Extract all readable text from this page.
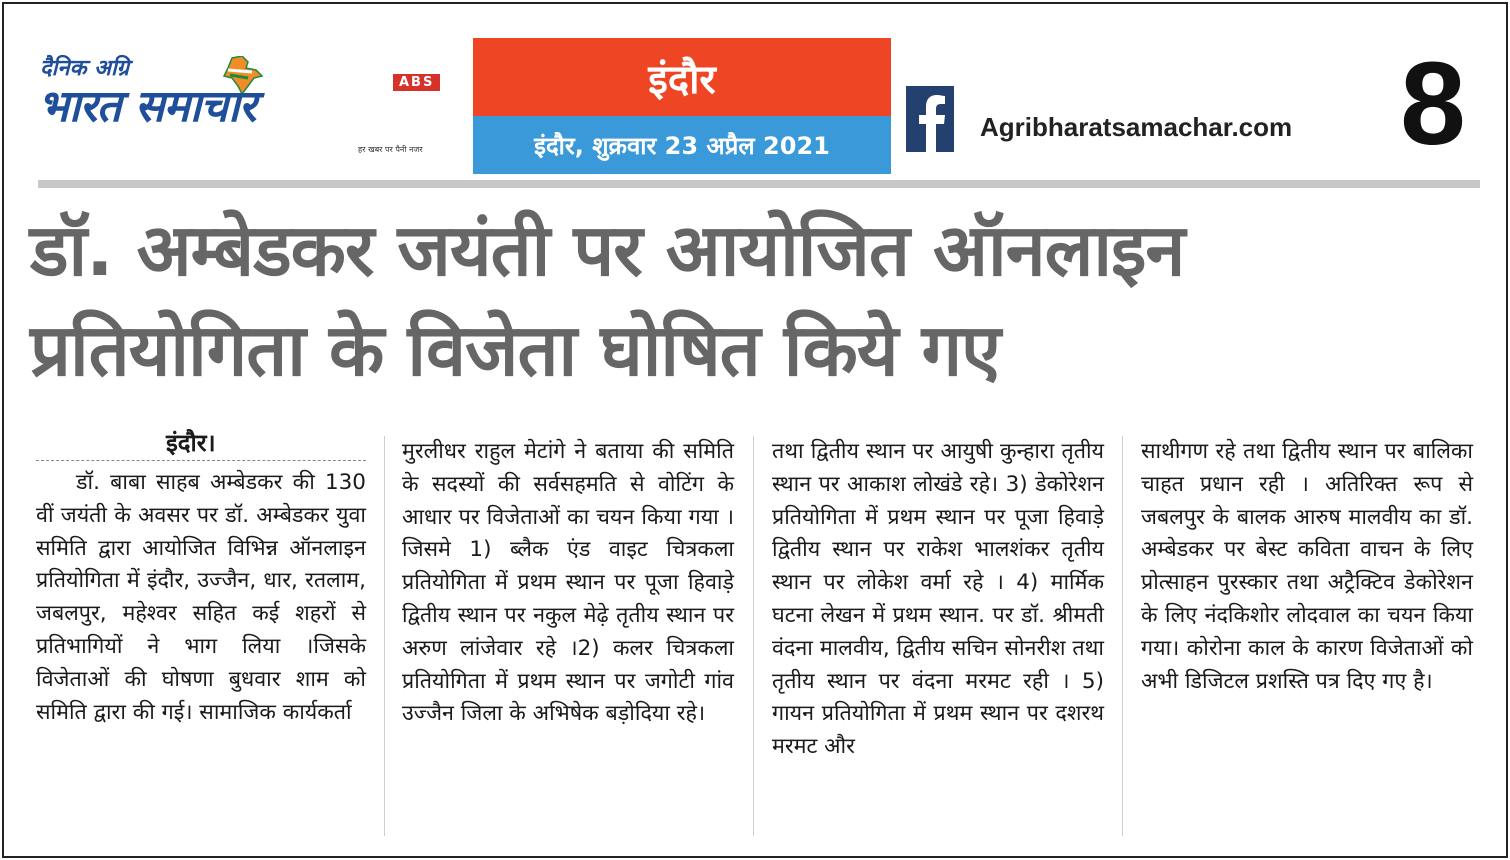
दैनिक अग्रि
भारत समाचार	ABS
हर खबर पर पैनी नजर
इंदौर
इंदौर, शुक्रवार 23 अप्रैल 2021
Agribharatsamachar.com 8
डॉ. अम्बेडकर जयंती पर आयोजित ऑनलाइन
प्रतियोगिता के विजेता घोषित किये गए
इंदौर।
डॉ. बाबा साहब अम्बेडकर की 130 वीं जयंती के अवसर पर डॉ. अम्बेडकर युवा समिति द्वारा आयोजित विभिन्न ऑनलाइन प्रतियोगिता में इंदौर, उज्जैन, धार, रतलाम, जबलपुर, महेश्वर सहित कई शहरों से प्रतिभागियों ने भाग लिया ।जिसके विजेताओं की घोषणा बुधवार शाम को समिति द्वारा की गई। सामाजिक कार्यकर्ता
मुरलीधर राहुल मेटांगे ने बताया की समिति के सदस्यों की सर्वसहमति से वोटिंग के आधार पर विजेताओं का चयन किया गया । जिसमे 1) ब्लैक एंड वाइट चित्रकला प्रतियोगिता में प्रथम स्थान पर पूजा हिवाड़े द्वितीय स्थान पर नकुल मेढ़े तृतीय स्थान पर अरुण लांजेवार रहे ।2) कलर चित्रकला प्रतियोगिता में प्रथम स्थान पर जगोटी गांव उज्जैन जिला के अभिषेक बड़ोदिया रहे।
तथा द्वितीय स्थान पर आयुषी कुन्हारा तृतीय स्थान पर आकाश लोखंडे रहे। 3) डेकोरेशन प्रतियोगिता में प्रथम स्थान पर पूजा हिवाड़े द्वितीय स्थान पर राकेश भालशंकर तृतीय स्थान पर लोकेश वर्मा रहे । 4) मार्मिक घटना लेखन में प्रथम स्थान. पर डॉ. श्रीमती वंदना मालवीय, द्वितीय सचिन सोनरीश तथा तृतीय स्थान पर वंदना मरमट रही । 5) गायन प्रतियोगिता में प्रथम स्थान पर दशरथ मरमट और
साथीगण रहे तथा द्वितीय स्थान पर बालिका चाहत प्रधान रही । अतिरिक्त रूप से जबलपुर के बालक आरुष मालवीय का डॉ. अम्बेडकर पर बेस्ट कविता वाचन के लिए प्रोत्साहन पुरस्कार तथा अट्रैक्टिव डेकोरेशन के लिए नंदकिशोर लोदवाल का चयन किया गया। कोरोना काल के कारण विजेताओं को अभी डिजिटल प्रशस्ति पत्र दिए गए है।
